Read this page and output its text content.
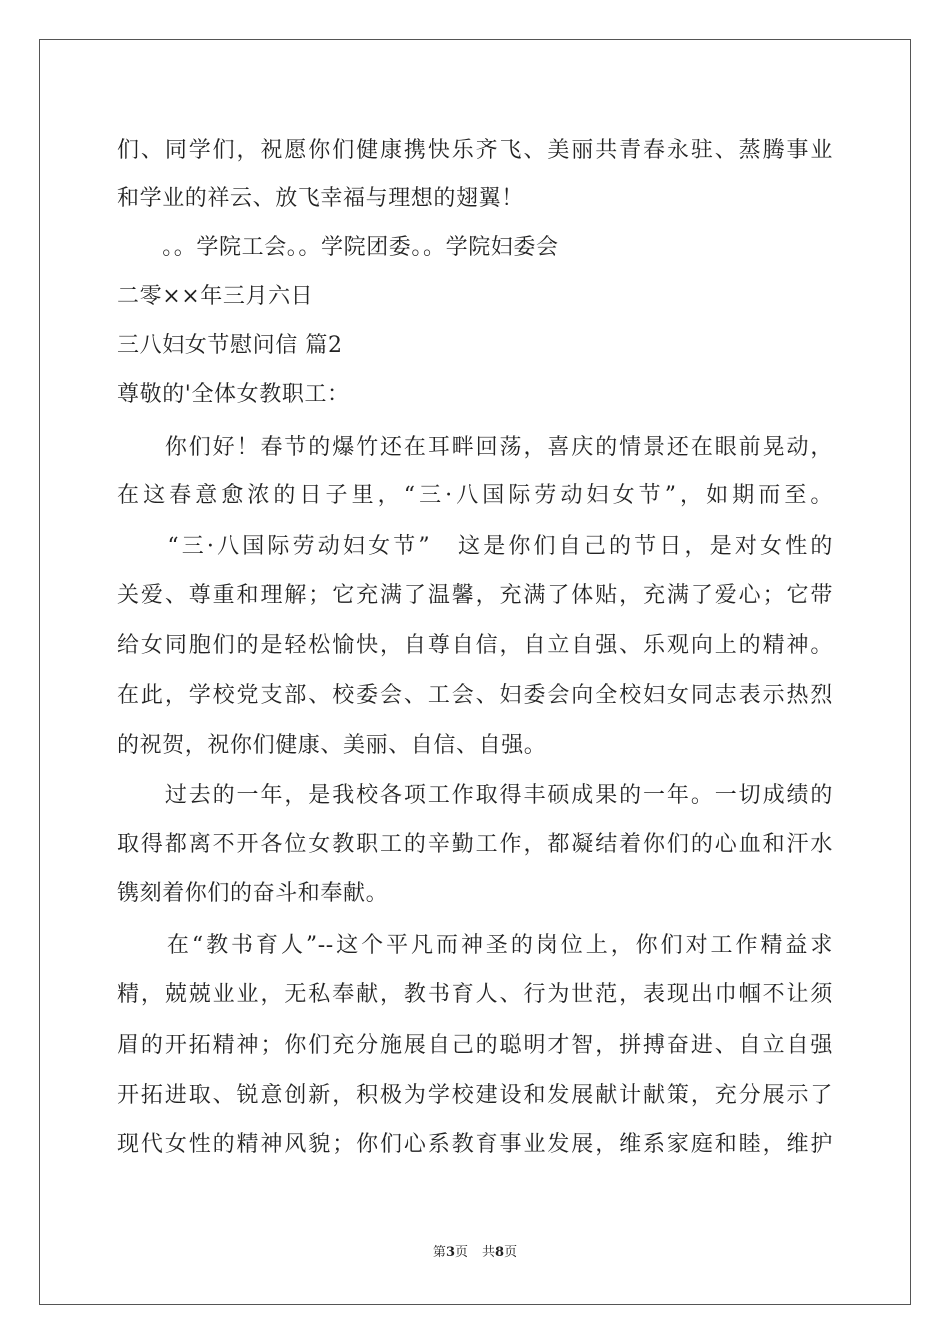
们、同学们，祝愿你们健康携快乐齐飞、美丽共青春永驻、蒸腾事业
和学业的祥云、放飞幸福与理想的翅翼！
　　。。学院工会。。学院团委。。学院妇委会
二零××年三月六日
三八妇女节慰问信 篇2
尊敬的'全体女教职工：
　　你们好！春节的爆竹还在耳畔回荡，喜庆的情景还在眼前晃动，
在这春意愈浓的日子里，“三·八国际劳动妇女节”，如期而至。
　　“三·八国际劳动妇女节”　这是你们自己的节日，是对女性的
关爱、尊重和理解；它充满了温馨，充满了体贴，充满了爱心；它带
给女同胞们的是轻松愉快，自尊自信，自立自强、乐观向上的精神。
在此，学校党支部、校委会、工会、妇委会向全校妇女同志表示热烈
的祝贺，祝你们健康、美丽、自信、自强。
　　过去的一年，是我校各项工作取得丰硕成果的一年。一切成绩的
取得都离不开各位女教职工的辛勤工作，都凝结着你们的心血和汗水
镌刻着你们的奋斗和奉献。
　　在“教书育人”--这个平凡而神圣的岗位上，你们对工作精益求
精，兢兢业业，无私奉献，教书育人、行为世范，表现出巾帼不让须
眉的开拓精神；你们充分施展自己的聪明才智，拼搏奋进、自立自强
开拓进取、锐意创新，积极为学校建设和发展献计献策，充分展示了
现代女性的精神风貌；你们心系教育事业发展，维系家庭和睦，维护
第3页 共8页
